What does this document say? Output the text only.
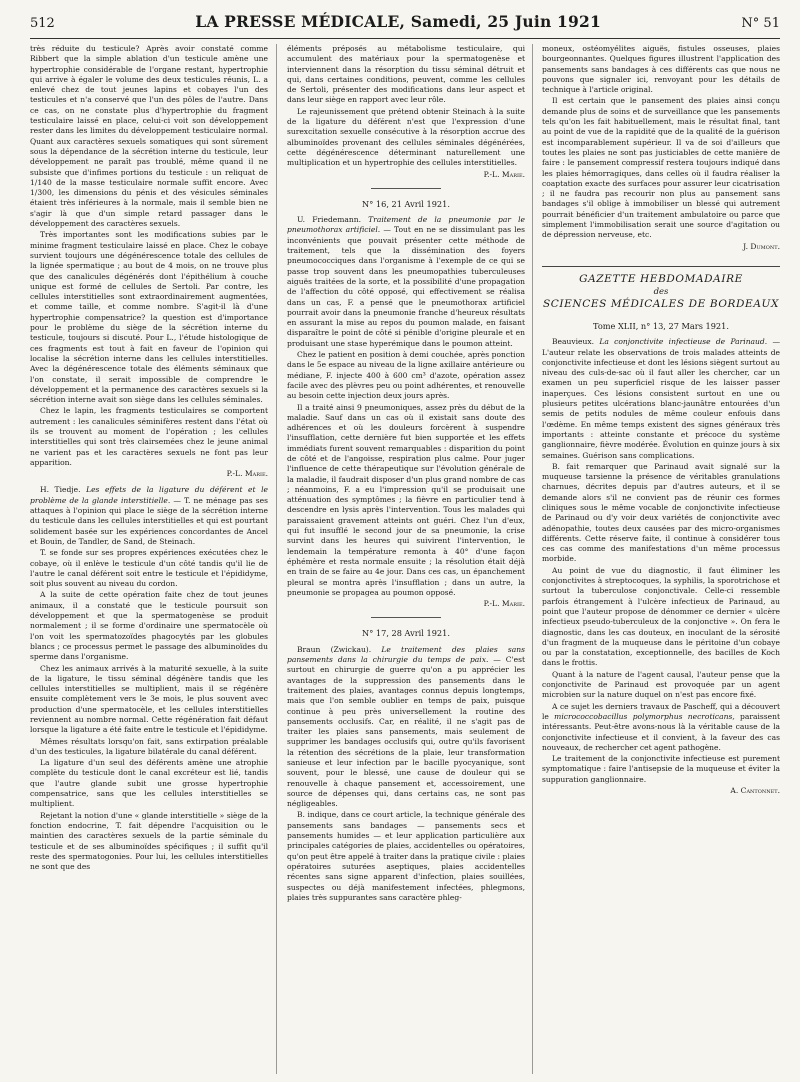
512	LA PRESSE MÉDICALE, Samedi, 25 Juin 1921	N° 51

très réduite du testicule? Après avoir constaté comme Ribbert que la simple ablation d'un testicule amène une hypertrophie considérable de l'organe restant, hypertrophie qui arrive à égaler le volume des deux testicules réunis, L. a enlevé chez de tout jeunes lapins et cobayes l'un des testicules et n'a conservé que l'un des pôles de l'autre. Dans ce cas, on ne constate plus d'hypertrophie du fragment testiculaire laissé en place, celui-ci voit son développement rester dans les limites du développement testiculaire normal. Quant aux caractères sexuels somatiques qui sont sûrement sous la dépendance de la sécrétion interne du testicule, leur développement ne paraît pas troublé, même quand il ne subsiste que d'infimes portions du testicule : un reliquat de 1/140 de la masse testiculaire normale suffit encore. Avec 1/300, les dimensions du pénis et des vésicules séminales étaient très inférieures à la normale, mais il semble bien ne s'agir là que d'un simple retard passager dans le développement des caractères sexuels.

Très importantes sont les modifications subies par le minime fragment testiculaire laissé en place. Chez le cobaye survient toujours une dégénérescence totale des cellules de la lignée spermatique ; au bout de 4 mois, on ne trouve plus que des canalicules dégénérés dont l'épithélium à couche unique est formé de cellules de Sertoli. Par contre, les cellules interstitielles sont extraordinairement augmentées, et comme taille, et comme nombre. S'agit-il là d'une hypertrophie compensatrice? la question est d'importance pour le problème du siège de la sécrétion interne du testicule, toujours si discuté. Pour L., l'étude histologique de ces fragments est tout à fait en faveur de l'opinion qui localise la sécrétion interne dans les cellules interstitielles. Avec la dégénérescence totale des éléments séminaux que l'on constate, il serait impossible de comprendre le développement et la permanence des caractères sexuels si la sécrétion interne avait son siège dans les cellules séminales.

Chez le lapin, les fragments testiculaires se comportent autrement : les canalicules séminifères restent dans l'état où ils se trouvent au moment de l'opération ; les cellules interstitielles qui sont très clairsemées chez le jeune animal ne varient pas et les caractères sexuels ne font pas leur apparition.

P.-L. Marie.

H. Tiedje. Les effets de la ligature du déférent et le problème de la glande interstitielle. — T. ne ménage pas ses attaques à l'opinion qui place le siège de la sécrétion interne du testicule dans les cellules interstitielles et qui est pourtant solidement basée sur les expériences concordantes de Ancel et Bouin, de Tandler, de Sand, de Steinach.

T. se fonde sur ses propres expériences exécutées chez le cobaye, où il enlève le testicule d'un côté tandis qu'il lie de l'autre le canal déférent soit entre le testicule et l'épididyme, soit plus souvent au niveau du cordon.

A la suite de cette opération faite chez de tout jeunes animaux, il a constaté que le testicule poursuit son développement et que la spermatogenèse se produit normalement ; il se forme d'ordinaire une spermatocèle où l'on voit les spermatozoïdes phagocytés par les globules blancs ; ce processus permet le passage des albuminoïdes du sperme dans l'organisme.

Chez les animaux arrivés à la maturité sexuelle, à la suite de la ligature, le tissu séminal dégénère tandis que les cellules interstitielles se multiplient, mais il se régénère ensuite complètement vers le 3e mois, le plus souvent avec production d'une spermatocèle, et les cellules interstitielles reviennent au nombre normal. Cette régénération fait défaut lorsque la ligature a été faite entre le testicule et l'épididyme.

Mêmes résultats lorsqu'on fait, sans extirpation préalable d'un des testicules, la ligature bilatérale du canal déférent.

La ligature d'un seul des déférents amène une atrophie complète du testicule dont le canal excréteur est lié, tandis que l'autre glande subit une grosse hypertrophie compensatrice, sans que les cellules interstitielles se multiplient.

Rejetant la notion d'une « glande interstitielle » siège de la fonction endocrine, T. fait dépendre l'acquisition ou le maintien des caractères sexuels de la partie séminale du testicule et de ses albuminoïdes spécifiques ; il suffit qu'il reste des spermatogonies. Pour lui, les cellules interstitielles ne sont que des

éléments préposés au métabolisme testiculaire, qui accumulent des matériaux pour la spermatogenèse et interviennent dans la résorption du tissu séminal détruit et qui, dans certaines conditions, peuvent, comme les cellules de Sertoli, présenter des modifications dans leur aspect et dans leur siège en rapport avec leur rôle.

Le rajeunissement que prétend obtenir Steinach à la suite de la ligature du déférent n'est que l'expression d'une surexcitation sexuelle consécutive à la résorption accrue des albuminoïdes provenant des cellules séminales dégénérées, cette dégénérescence déterminant naturellement une multiplication et un hypertrophie des cellules interstitielles.

P.-L. Marie.
N° 16, 21 Avril 1921.

U. Friedemann. Traitement de la pneumonie par le pneumothorax artificiel. — Tout en ne se dissimulant pas les inconvénients que pouvait présenter cette méthode de traitement, tels que la dissémination des foyers pneumococciques dans l'organisme à l'exemple de ce qui se passe trop souvent dans les pneumopathies tuberculeuses aiguës traitées de la sorte, et la possibilité d'une propagation de l'affection du côté opposé, qui effectivement se réalisa dans un cas, F. a pensé que le pneumothorax artificiel pourrait avoir dans la pneumonie franche d'heureux résultats en assurant la mise au repos du poumon malade, en faisant disparaître le point de côté si pénible d'origine pleurale et en produisant une stase hyperémique dans le poumon atteint.

Chez le patient en position à demi couchée, après ponction dans le 5e espace au niveau de la ligne axillaire antérieure ou médiane, F. injecte 400 à 600 cm³ d'azote, opération assez facile avec des plèvres peu ou point adhérentes, et renouvelle au besoin cette injection deux jours après.

Il a traité ainsi 9 pneumoniques, assez près du début de la maladie. Sauf dans un cas où il existait sans doute des adhérences et où les douleurs forcèrent à suspendre l'insufflation, cette dernière fut bien supportée et les effets immédiats furent souvent remarquables : disparition du point de côté et de l'angoisse, respiration plus calme. Pour juger l'influence de cette thérapeutique sur l'évolution générale de la maladie, il faudrait disposer d'un plus grand nombre de cas ; néanmoins, F. a eu l'impression qu'il se produisait une atténuation des symptômes ; la fièvre en particulier tend à descendre en lysis après l'intervention. Tous les malades qui paraissaient gravement atteints ont guéri. Chez l'un d'eux, qui fut insufflé le second jour de sa pneumonie, la crise survint dans les heures qui suivirent l'intervention, le lendemain la température remonta à 40° d'une façon éphémère et resta normale ensuite ; la résolution était déjà en train de se faire au 4e jour. Dans ces cas, un épanchement pleural se montra après l'insufflation ; dans un autre, la pneumonie se propagea au poumon opposé.

P.-L. Marie.
N° 17, 28 Avril 1921.

Braun (Zwickau). Le traitement des plaies sans pansements dans la chirurgie du temps de paix. — C'est surtout en chirurgie de guerre qu'on a pu apprécier les avantages de la suppression des pansements dans le traitement des plaies, avantages connus depuis longtemps, mais que l'on semble oublier en temps de paix, puisque continue à peu près universellement la routine des pansements occlusifs. Car, en réalité, il ne s'agit pas de traiter les plaies sans pansements, mais seulement de supprimer les bandages occlusifs qui, outre qu'ils favorisent la rétention des sécrétions de la plaie, leur transformation sanieuse et leur infection par le bacille pyocyanique, sont souvent, pour le blessé, une cause de douleur qui se renouvelle à chaque pansement et, accessoirement, une source de dépenses qui, dans certains cas, ne sont pas négligeables.

B. indique, dans ce court article, la technique générale des pansements sans bandages — pansements secs et pansements humides — et leur application particulière aux principales catégories de plaies, accidentelles ou opératoires, qu'on peut être appelé à traiter dans la pratique civile : plaies opératoires suturées aseptiques, plaies accidentelles récentes sans signe apparent d'infection, plaies souillées, suspectes ou déjà manifestement infectées, phlegmons, plaies très suppurantes sans caractère phleg-

moneux, ostéomyélites aiguës, fistules osseuses, plaies bourgeonnantes. Quelques figures illustrent l'application des pansements sans bandages à ces différents cas que nous ne pouvons que signaler ici, renvoyant pour les détails de technique à l'article original.

Il est certain que le pansement des plaies ainsi conçu demande plus de soins et de surveillance que les pansements tels qu'on les fait habituellement, mais le résultat final, tant au point de vue de la rapidité que de la qualité de la guérison est incomparablement supérieur. Il va de soi d'ailleurs que toutes les plaies ne sont pas justiciables de cette manière de faire : le pansement compressif restera toujours indiqué dans les plaies hémorragiques, dans celles où il faudra réaliser la coaptation exacte des surfaces pour assurer leur cicatrisation ; il ne faudra pas recourir non plus au pansement sans bandages s'il oblige à immobiliser un blessé qui autrement pourrait bénéficier d'un traitement ambulatoire ou parce que simplement l'immobilisation serait une source d'agitation ou de dépression nerveuse, etc.

J. Dumont.
GAZETTE HEBDOMADAIRE
des
SCIENCES MÉDICALES DE BORDEAUX
Tome XLII, n° 13, 27 Mars 1921.

Beauvieux. La conjonctivite infectieuse de Parinaud. — L'auteur relate les observations de trois malades atteints de conjonctivite infectieuse et dont les lésions siègent surtout au niveau des culs-de-sac où il faut aller les chercher, car un examen un peu superficiel risque de les laisser passer inaperçues. Ces lésions consistent surtout en une ou plusieurs petites ulcérations blanc-jaunâtre entourées d'un semis de petits nodules de même couleur enfouis dans l'œdème. En même temps existent des signes généraux très importants : atteinte constante et précoce du système ganglionnaire, fièvre modérée. Évolution en quinze jours à six semaines. Guérison sans complications.

B. fait remarquer que Parinaud avait signalé sur la muqueuse tarsienne la présence de véritables granulations charnues, décrites depuis par d'autres auteurs, et il se demande alors s'il ne convient pas de réunir ces formes cliniques sous le même vocable de conjonctivite infectieuse de Parinaud ou d'y voir deux variétés de conjonctivite avec adénopathie, toutes deux causées par des micro-organismes différents. Cette réserve faite, il continue à considérer tous ces cas comme des manifestations d'un même processus morbide.

Au point de vue du diagnostic, il faut éliminer les conjonctivites à streptocoques, la syphilis, la sporotrichose et surtout la tuberculose conjonctivale. Celle-ci ressemble parfois étrangement à l'ulcère infectieux de Parinaud, au point que l'auteur propose de dénommer ce dernier « ulcère infectieux pseudo-tuberculeux de la conjonctive ». On fera le diagnostic, dans les cas douteux, en inoculant de la sérosité d'un fragment de la muqueuse dans le péritoine d'un cobaye ou par la constatation, exceptionnelle, des bacilles de Koch dans le frottis.

Quant à la nature de l'agent causal, l'auteur pense que la conjonctivite de Parinaud est provoquée par un agent microbien sur la nature duquel on n'est pas encore fixé.

A ce sujet les derniers travaux de Pascheff, qui a découvert le micrococcobacillus polymorphus necroticans, paraissent intéressants. Peut-être avons-nous là la véritable cause de la conjonctivite infectieuse et il convient, à la faveur des cas nouveaux, de rechercher cet agent pathogène.

Le traitement de la conjonctivite infectieuse est purement symptomatique : faire l'antisepsie de la muqueuse et éviter la suppuration ganglionnaire.

A. Cantonnet.
